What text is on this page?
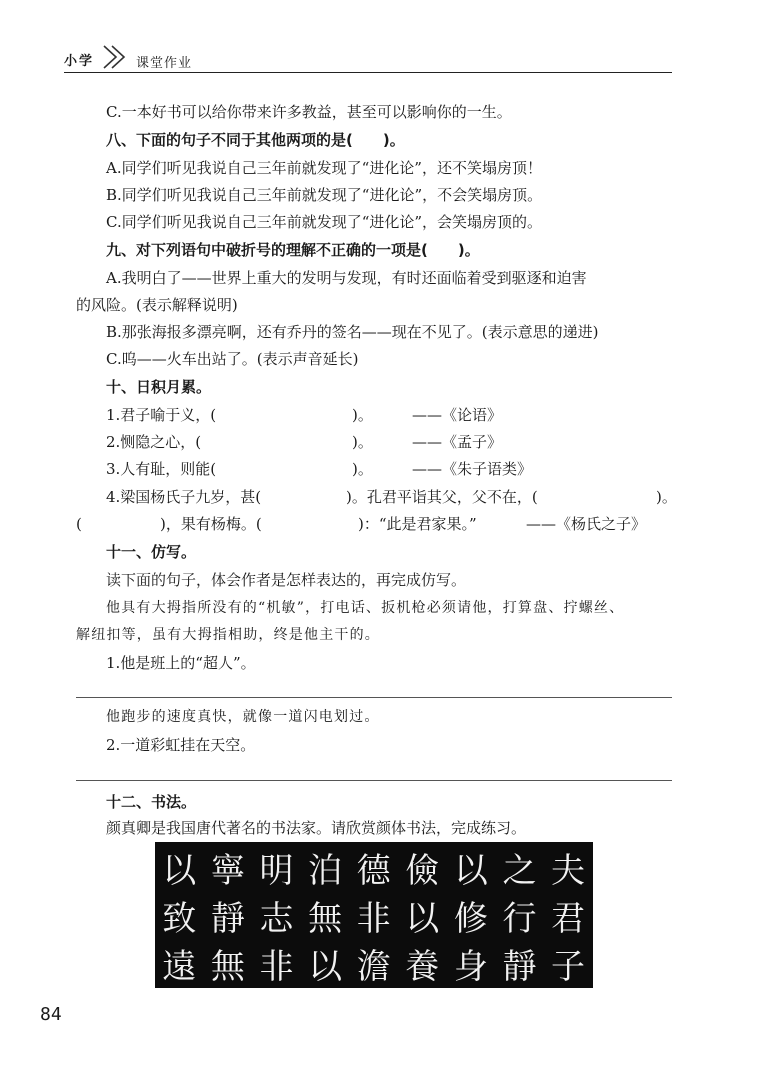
小学	课堂作业
C.一本好书可以给你带来许多教益，甚至可以影响你的一生。
八、下面的句子不同于其他两项的是(　　)。
A.同学们听见我说自己三年前就发现了“进化论”，还不笑塌房顶！
B.同学们听见我说自己三年前就发现了“进化论”，不会笑塌房顶。
C.同学们听见我说自己三年前就发现了“进化论”，会笑塌房顶的。
九、对下列语句中破折号的理解不正确的一项是(　　)。
A.我明白了——世界上重大的发明与发现，有时还面临着受到驱逐和迫害
的风险。(表示解释说明)
B.那张海报多漂亮啊，还有乔丹的签名——现在不见了。(表示意思的递进)
C.呜——火车出站了。(表示声音延长)
十、日积月累。
1.君子喻于义，(	)。	——《论语》
2.恻隐之心，(	)。	——《孟子》
3.人有耻，则能(	)。	——《朱子语类》
4.梁国杨氏子九岁，甚(	)。孔君平诣其父，父不在，(	)。
(	)，果有杨梅。(	)：“此是君家果。”	——《杨氏之子》
十一、仿写。
读下面的句子，体会作者是怎样表达的，再完成仿写。
他具有大拇指所没有的“机敏”，打电话、扳机枪必须请他，打算盘、拧螺丝、
解纽扣等，虽有大拇指相助，终是他主干的。
1.他是班上的“超人”。
他跑步的速度真快，就像一道闪电划过。
2.一道彩虹挂在天空。
十二、书法。
颜真卿是我国唐代著名的书法家。请欣赏颜体书法，完成练习。
以 寧 明 泊 德 儉 以 之 夫
致 靜 志 無 非 以 修 行 君
遠 無 非 以 澹 養 身 靜 子
84
